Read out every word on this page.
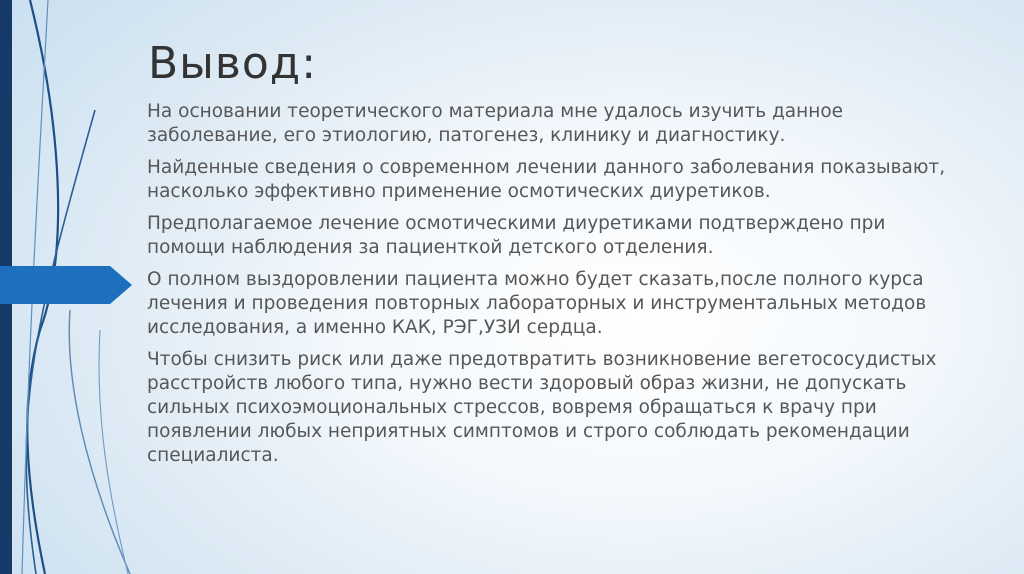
Вывод:

На основании теоретического материала мне удалось изучить данное заболевание, его этиологию, патогенез, клинику и диагностику.

Найденные сведения о современном лечении данного заболевания показывают, насколько эффективно применение осмотических диуретиков.

Предполагаемое лечение осмотическими диуретиками подтверждено при помощи наблюдения за пациенткой детского отделения.

О полном выздоровлении пациента можно будет сказать,после полного курса лечения и проведения повторных лабораторных и инструментальных методов исследования, а именно КАК, РЭГ,УЗИ сердца.

Чтобы снизить риск или даже предотвратить возникновение вегетососудистых расстройств любого типа, нужно вести здоровый образ жизни, не допускать сильных психоэмоциональных стрессов, вовремя обращаться к врачу при появлении любых неприятных симптомов и строго соблюдать рекомендации специалиста.
